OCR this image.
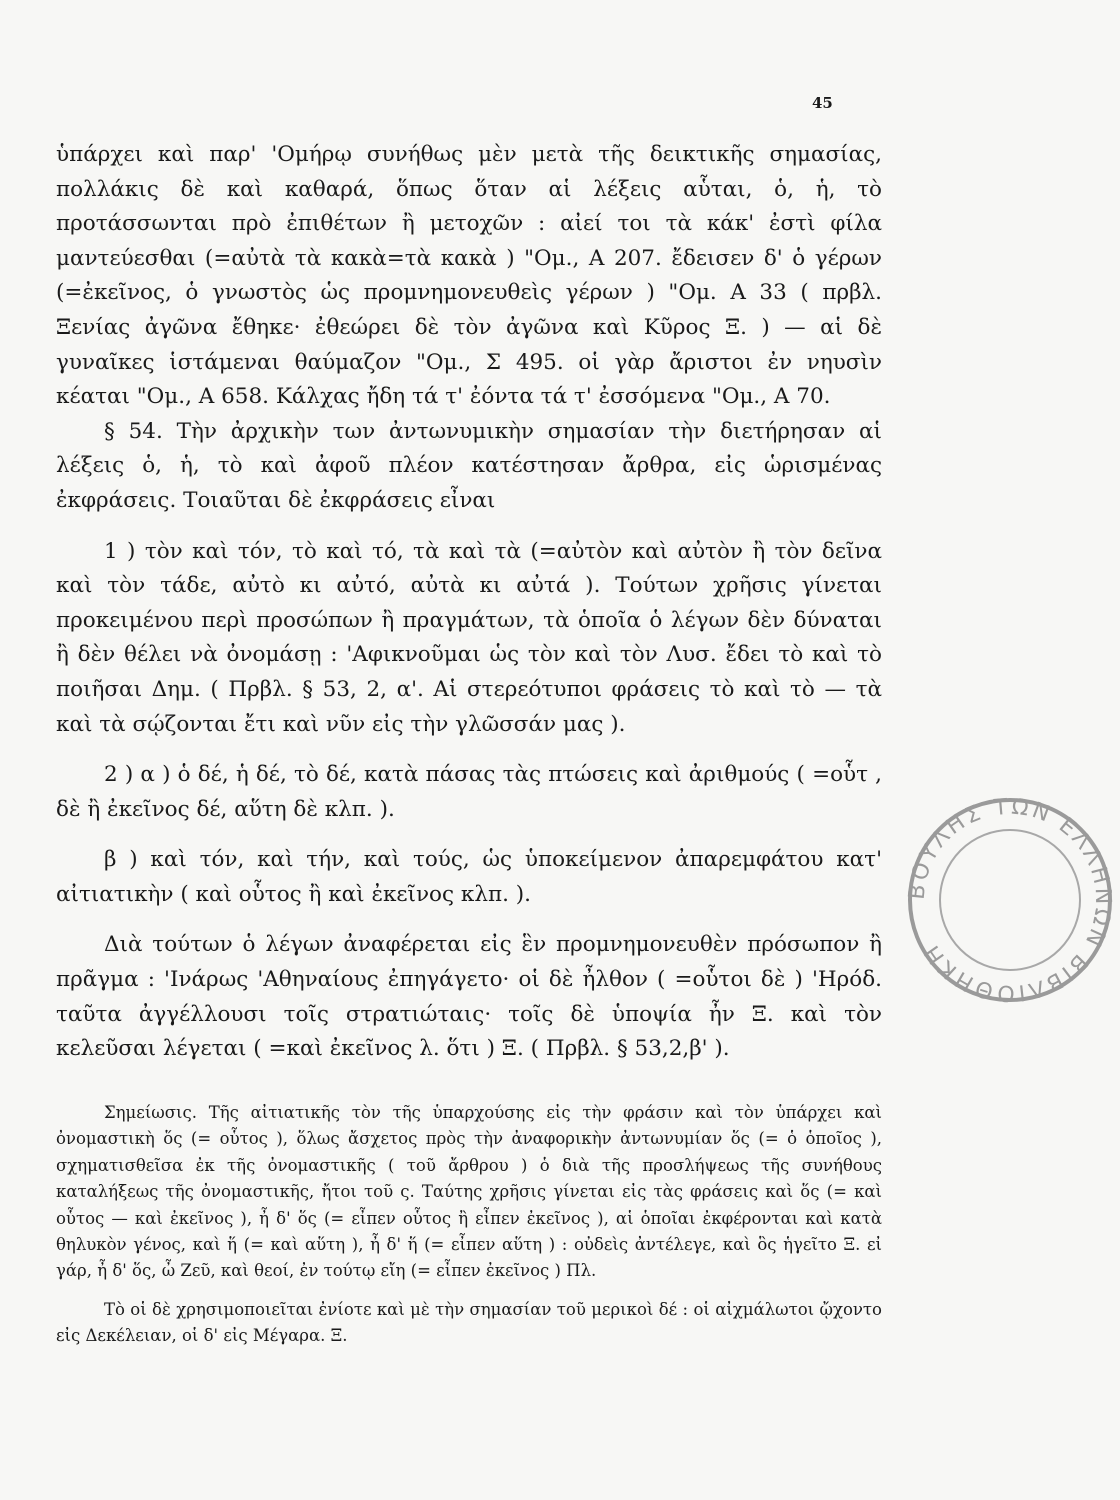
45

ὑπάρχει καὶ παρ' 'Ομήρῳ συνήθως μὲν μετὰ τῆς δεικτικῆς σημασίας, πολλάκις δὲ καὶ καθαρά, ὅπως ὅταν αἱ λέξεις αὗται, ὁ, ἡ, τὸ προτάσσωνται πρὸ ἐπιθέτων ἢ μετοχῶν : αἰεί τοι τὰ κάκ' ἐστὶ φίλα μαντεύεσθαι (=αὐτὰ τὰ κακὰ=τὰ κακὰ ) "Ομ., Α 207. ἔδεισεν δ' ὁ γέρων (=ἐκεῖνος, ὁ γνωστὸς ὡς προμνημονευθεὶς γέρων ) "Ομ. Α 33 ( πρβλ. Ξενίας ἀγῶνα ἔθηκε· ἐθεώρει δὲ τὸν ἀγῶνα καὶ Κῦρος Ξ. ) — αἱ δὲ γυναῖκες ἱστάμεναι θαύμαζον "Ομ., Σ 495. οἱ γὰρ ἄριστοι ἐν νηυσὶν κέαται "Ομ., Α 658. Κάλχας ἤδη τά τ' ἐόντα τά τ' ἐσσόμενα "Ομ., Α 70.

§ 54. Τὴν ἀρχικὴν των ἀντωνυμικὴν σημασίαν τὴν διετήρησαν αἱ λέξεις ὁ, ἡ, τὸ καὶ ἀφοῦ πλέον κατέστησαν ἄρθρα, εἰς ὡρισμένας ἐκφράσεις. Τοιαῦται δὲ ἐκφράσεις εἶναι

1 ) τὸν καὶ τόν, τὸ καὶ τό, τὰ καὶ τὰ (=αὐτὸν καὶ αὐτὸν ἢ τὸν δεῖνα καὶ τὸν τάδε, αὐτὸ κι αὐτό, αὐτὰ κι αὐτά ). Τούτων χρῆσις γίνεται προκειμένου περὶ προσώπων ἢ πραγμάτων, τὰ ὁποῖα ὁ λέγων δὲν δύναται ἢ δὲν θέλει νὰ ὀνομάσῃ : 'Αφικνοῦμαι ὡς τὸν καὶ τὸν Λυσ. ἔδει τὸ καὶ τὸ ποιῆσαι Δημ. ( Πρβλ. § 53, 2, α'. Αἱ στερεότυποι φράσεις τὸ καὶ τὸ — τὰ καὶ τὰ σῴζονται ἔτι καὶ νῦν εἰς τὴν γλῶσσάν μας ).

2 ) α ) ὁ δέ, ἡ δέ, τὸ δέ, κατὰ πάσας τὰς πτώσεις καὶ ἀριθμούς ( =οὗτ , δὲ ἢ ἐκεῖνος δέ, αὕτη δὲ κλπ. ).

β ) καὶ τόν, καὶ τήν, καὶ τούς, ὡς ὑποκείμενον ἀπαρεμφάτου κατ' αἰτιατικὴν ( καὶ οὗτος ἢ καὶ ἐκεῖνος κλπ. ).

Διὰ τούτων ὁ λέγων ἀναφέρεται εἰς ἓν προμνημονευθὲν πρόσωπον ἢ πρᾶγμα : 'Ινάρως 'Αθηναίους ἐπηγάγετο· οἱ δὲ ἦλθον ( =οὗτοι δὲ ) 'Ηρόδ. ταῦτα ἀγγέλλουσι τοῖς στρατιώταις· τοῖς δὲ ὑποψία ἦν Ξ. καὶ τὸν κελεῦσαι λέγεται ( =καὶ ἐκεῖνος λ. ὅτι ) Ξ. ( Πρβλ. § 53,2,β' ).

Σημείωσις. Τῆς αἰτιατικῆς τὸν τῆς ὑπαρχούσης εἰς τὴν φράσιν καὶ τὸν ὑπάρχει καὶ ὀνομαστικὴ ὅς (= οὗτος ), ὅλως ἄσχετος πρὸς τὴν ἀναφορικὴν ἀντωνυμίαν ὅς (= ὁ ὁποῖος ), σχηματισθεῖσα ἐκ τῆς ὀνομαστικῆς ( τοῦ ἄρθρου ) ὁ διὰ τῆς προσλήψεως τῆς συνήθους καταλήξεως τῆς ὀνομαστικῆς, ἤτοι τοῦ ς. Ταύτης χρῆσις γίνεται εἰς τὰς φράσεις καὶ ὅς (= καὶ οὗτος — καὶ ἐκεῖνος ), ἦ δ' ὅς (= εἶπεν οὗτος ἢ εἶπεν ἐκεῖνος ), αἱ ὁποῖαι ἐκφέρονται καὶ κατὰ θηλυκὸν γένος, καὶ ἥ (= καὶ αὕτη ), ἦ δ' ἥ (= εἶπεν αὕτη ) : οὐδεὶς ἀντέλεγε, καὶ ὃς ἡγεῖτο Ξ. εἰ γάρ, ἦ δ' ὅς, ὦ Ζεῦ, καὶ θεοί, ἐν τούτῳ εἴη (= εἶπεν ἐκεῖνος ) Πλ.

Τὸ οἱ δὲ χρησιμοποιεῖται ἐνίοτε καὶ μὲ τὴν σημασίαν τοῦ μερικοὶ δέ : οἱ αἰχμάλωτοι ᾤχοντο εἰς Δεκέλειαν, οἱ δ' εἰς Μέγαρα. Ξ.

ΒΟΥΛΗΣ ΤΩΝ ΕΛΛΗΝΩΝ ΒΙΒΛΙΟΘΗΚΗ
